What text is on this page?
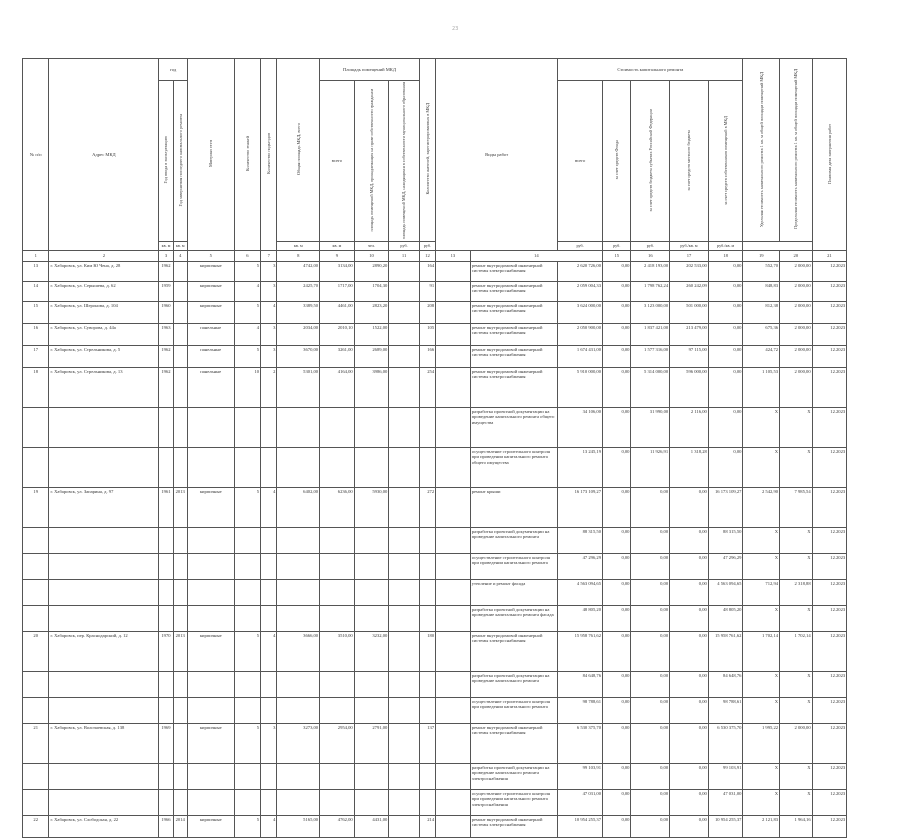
23
№ п/п	Адрес МКД	год		Материал стен	Количество этажей	Количество подъездов	Общая площадь МКД, всего	Площадь помещений МКД			Количество жителей, зарегистрированных в МКД	Виды работ		Стоимость капитального ремонта					Удельная стоимость капитального ремонта 1 кв. м общей площади помещений МКД	Предельная стоимость капитального ремонта 1 кв. м общей площади помещений МКД	Плановая дата завершения работ
		Год ввода в эксплуатацию	Год завершения последнего капитального ремонта					всего	площадь помещений МКД, принадлежащих на праве собственности гражданам	площадь помещений МКД, находящихся в собственности муниципального образования				всего	за счет средств Фонда	за счет средств бюджета субъекта Российской Федерации	за счет средств местного бюджета	за счет средств собственников помещений в МКД			
		кв. м	кв. м				кв. м	кв. м	чел.	руб.	руб.			руб.	руб.	руб.	руб./кв. м	руб./кв. м			
1	2	3	4	5	6	7	8	9	10	11	12	13	14		15	16	17	18	19	20	21
13	г. Хабаровск, ул. Ким Ю Чена, д. 28	1962		кирпичные	5	3	4742,00	3134,00	2890,20		164		ремонт внутридомовой инженерной системы электроснабжения	2 620 726,00	0,00	2 418 193,00	202 533,00	0,00	552,70	2 000,00	12.2023
14	г. Хабаровск, ул. Серышева, д. 62	1959		кирпичные	4	3	2425,70	1717,00	1704,30		91		ремонт внутридомовой инженерной системы электроснабжения	2 059 004,33	0,00	1 798 762,24	260 242,09	0,00	848,83	2 000,00	12.2023
15	г. Хабаровск, ул. Шеронова, д. 104	1960		кирпичные	5	4	3389,50	4461,00	2823,20		208		ремонт внутридомовой инженерной системы электроснабжения	3 624 000,00	0,00	3 123 000,00	501 000,00	0,00	812,38	2 000,00	12.2023
16	г. Хабаровск, ул. Суворова, д. 44а	1963		панельные	4	3	2034,00	2010,10	1522,00		105		ремонт внутридомовой инженерной системы электроснабжения	2 050 900,00	0,00	1 837 421,00	213 479,00	0,00	675,36	2 000,00	12.2023
17	г. Хабаровск, ул. Стрельникова, д. 5	1962		панельные	5	3	3670,00	3261,00	2689,00		166		ремонт внутридомовой инженерной системы электроснабжения	1 674 431,00	0,00	1 577 316,00	97 115,00	0,00	424,72	2 000,00	12.2023
18	г. Хабаровск, ул. Стрельникова, д. 13	1962		панельные	10	2	5301,00	4164,00	3986,00		254		ремонт внутридомовой инженерной системы электроснабжения	5 910 000,00	0,00	5 314 000,00	596 000,00	0,00	1 105,53	2 000,00	12.2023
													разработка проектной документации на проведение капитального ремонта общего имущества	34 106,00	0,00	31 990,00	2 116,00	0,00	X	X	12.2023
													осуществление строительного контроля при проведении капитального ремонта общего имущества	13 245,19	0,00	11 926,91	1 318,28	0,00	X	X	12.2023
19	г. Хабаровск, ул. Запарина, д. 97	1961	2013	кирпичные	5	4	6402,00	6236,00	5930,00		272		ремонт крыши	16 173 109,27	0,00	0,00	0,00	16 173 109,27	2 542,90	7 985,54	12.2023
													разработка проектной документации на проведение капитального ремонта	88 315,50	0,00	0,00	0,00	88 315,50	X	X	12.2023
													осуществление строительного контроля при проведении капитального ремонта	47 296,29	0,00	0,00	0,00	47 296,29	X	X	12.2023
													утепление и ремонт фасада	4 563 094,65	0,00	0,00	0,00	4 563 094,65	712,94	2 318,88	12.2023
													разработка проектной документации на проведение капитального ремонта фасада	48 805,20	0,00	0,00	0,00	48 805,20	X	X	12.2023
20	г. Хабаровск, пер. Краснодарский, д. 12	1970	2013	кирпичные	5	4	3666,00	3510,00	3232,00		180		ремонт внутридомовой инженерной системы электроснабжения	15 958 761,62	0,00	0,00	0,00	15 958 761,62	1 702,14	1 702,14	12.2023
													разработка проектной документации на проведение капитального ремонта	84 648,76	0,00	0,00	0,00	84 648,76	X	X	12.2023
													осуществление строительного контроля при проведении капитального ремонта	98 788,61	0,00	0,00	0,00	98 788,61	X	X	12.2023
21	г. Хабаровск, ул. Волочаевская, д. 138	1969		кирпичные	5	3	3273,00	2954,00	2791,00		137		ремонт внутридомовой инженерной системы электроснабжения	6 530 375,70	0,00	0,00	0,00	6 530 375,70	1 995,22	2 000,00	12.2023
													разработка проектной документации на проведение капитального ремонта электроснабжения	99 103,91	0,00	0,00	0,00	99 103,91	X	X	12.2023
													осуществление строительного контроля при проведении капитального ремонта электроснабжения	47 031,00	0,00	0,00	0,00	47 031,00	X	X	12.2023
22	г. Хабаровск, ул. Слободская, д. 22	1966	2014	кирпичные	5	4	5165,00	4762,00	4431,00		214		ремонт внутридомовой инженерной системы электроснабжения	10 954 255,37	0,00	0,00	0,00	10 954 255,37	2 121,83	1 964,16	12.2023
